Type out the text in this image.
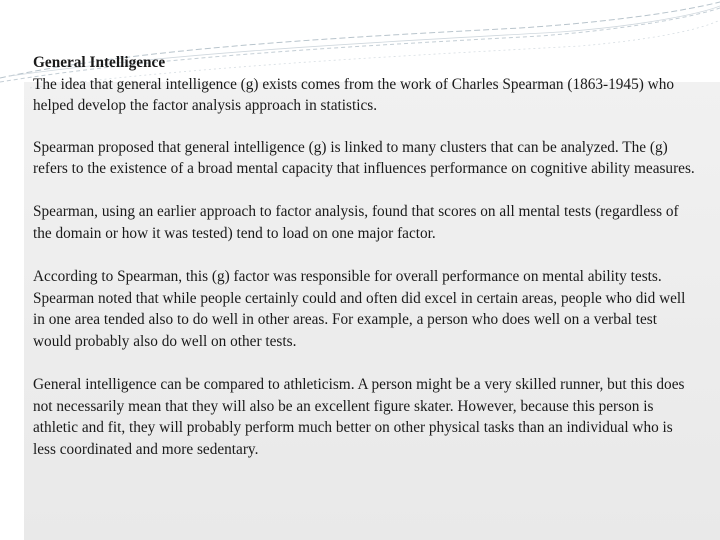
General Intelligence

The idea that general intelligence (g) exists comes from the work of Charles Spearman (1863-1945) who helped develop the factor analysis approach in statistics.

Spearman proposed that general intelligence (g) is linked to many clusters that can be analyzed. The (g) refers to the existence of a broad mental capacity that influences performance on cognitive ability measures.

Spearman, using an earlier approach to factor analysis, found that scores on all mental tests (regardless of the domain or how it was tested) tend to load on one major factor.

According to Spearman, this (g) factor was responsible for overall performance on mental ability tests. Spearman noted that while people certainly could and often did excel in certain areas, people who did well in one area tended also to do well in other areas. For example, a person who does well on a verbal test would probably also do well on other tests.

General intelligence can be compared to athleticism. A person might be a very skilled runner, but this does not necessarily mean that they will also be an excellent figure skater. However, because this person is athletic and fit, they will probably perform much better on other physical tasks than an individual who is less coordinated and more sedentary.
